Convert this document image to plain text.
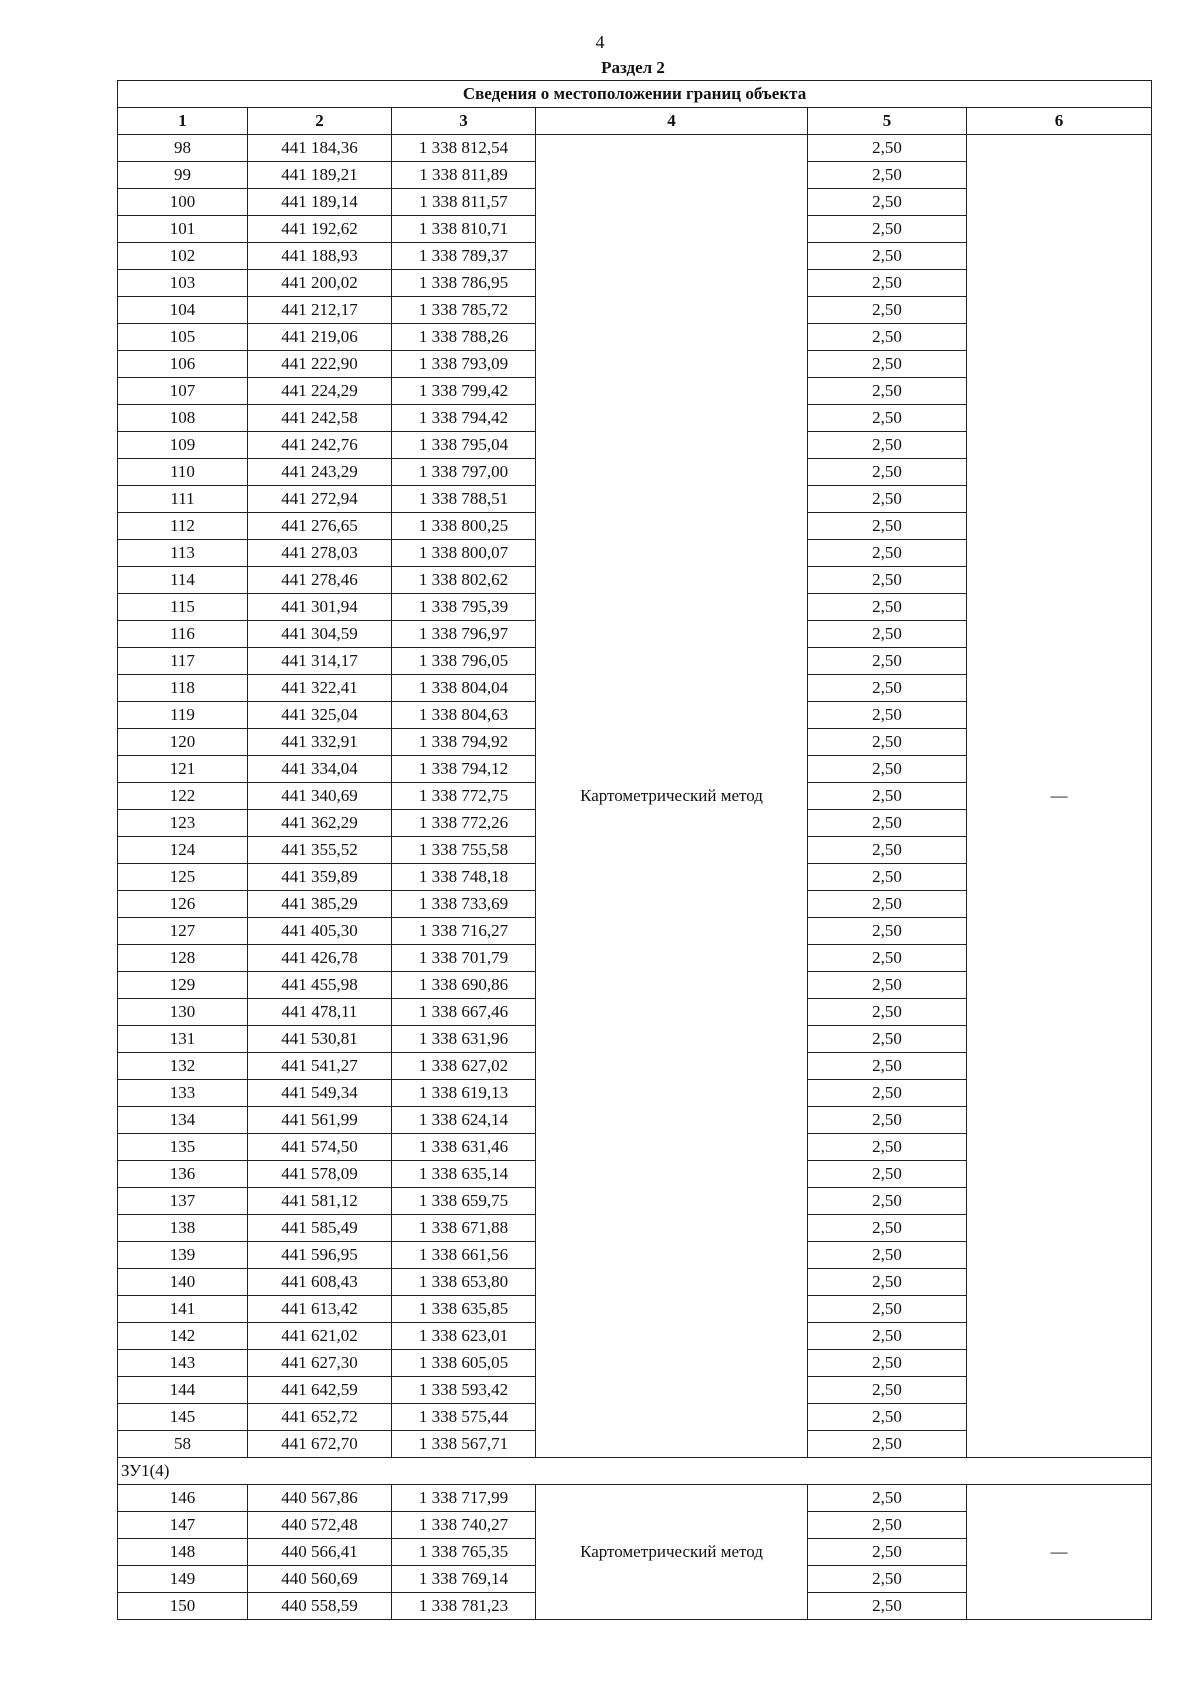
4
Раздел 2
Сведения о местоположении границ объекта					
1	2	3	4	5	6
98	441 184,36	1 338 812,54	Картометрический метод	2,50	—
99	441 189,21	1 338 811,89		2,50	
100	441 189,14	1 338 811,57		2,50	
101	441 192,62	1 338 810,71		2,50	
102	441 188,93	1 338 789,37		2,50	
103	441 200,02	1 338 786,95		2,50	
104	441 212,17	1 338 785,72		2,50	
105	441 219,06	1 338 788,26		2,50	
106	441 222,90	1 338 793,09		2,50	
107	441 224,29	1 338 799,42		2,50	
108	441 242,58	1 338 794,42		2,50	
109	441 242,76	1 338 795,04		2,50	
110	441 243,29	1 338 797,00		2,50	
111	441 272,94	1 338 788,51		2,50	
112	441 276,65	1 338 800,25		2,50	
113	441 278,03	1 338 800,07		2,50	
114	441 278,46	1 338 802,62		2,50	
115	441 301,94	1 338 795,39		2,50	
116	441 304,59	1 338 796,97		2,50	
117	441 314,17	1 338 796,05		2,50	
118	441 322,41	1 338 804,04		2,50	
119	441 325,04	1 338 804,63		2,50	
120	441 332,91	1 338 794,92		2,50	
121	441 334,04	1 338 794,12		2,50	
122	441 340,69	1 338 772,75		2,50	
123	441 362,29	1 338 772,26		2,50	
124	441 355,52	1 338 755,58		2,50	
125	441 359,89	1 338 748,18		2,50	
126	441 385,29	1 338 733,69		2,50	
127	441 405,30	1 338 716,27		2,50	
128	441 426,78	1 338 701,79		2,50	
129	441 455,98	1 338 690,86		2,50	
130	441 478,11	1 338 667,46		2,50	
131	441 530,81	1 338 631,96		2,50	
132	441 541,27	1 338 627,02		2,50	
133	441 549,34	1 338 619,13		2,50	
134	441 561,99	1 338 624,14		2,50	
135	441 574,50	1 338 631,46		2,50	
136	441 578,09	1 338 635,14		2,50	
137	441 581,12	1 338 659,75		2,50	
138	441 585,49	1 338 671,88		2,50	
139	441 596,95	1 338 661,56		2,50	
140	441 608,43	1 338 653,80		2,50	
141	441 613,42	1 338 635,85		2,50	
142	441 621,02	1 338 623,01		2,50	
143	441 627,30	1 338 605,05		2,50	
144	441 642,59	1 338 593,42		2,50	
145	441 652,72	1 338 575,44		2,50	
58	441 672,70	1 338 567,71		2,50	
ЗУ1(4)					
146	440 567,86	1 338 717,99	Картометрический метод	2,50	—
147	440 572,48	1 338 740,27		2,50	
148	440 566,41	1 338 765,35		2,50	
149	440 560,69	1 338 769,14		2,50	
150	440 558,59	1 338 781,23		2,50	
